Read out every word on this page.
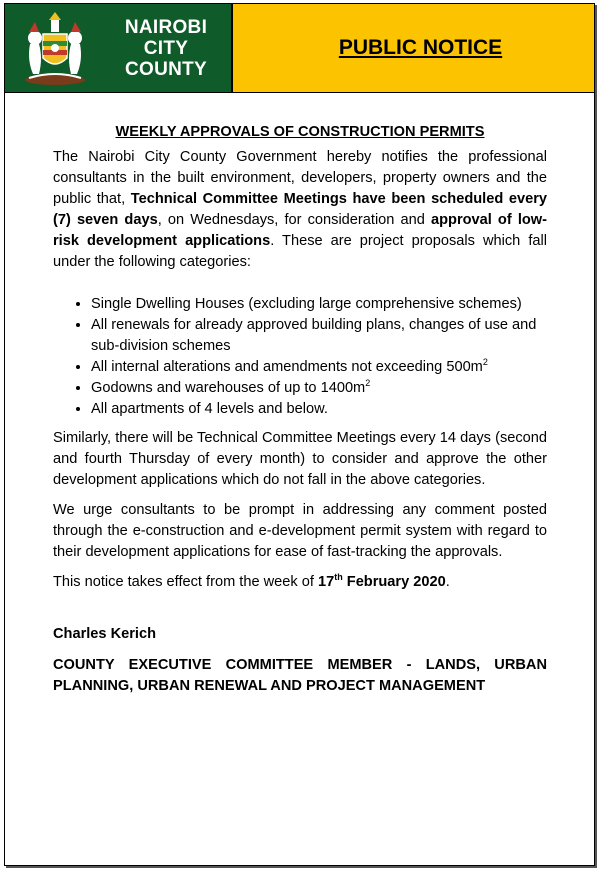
NAIROBI CITY
COUNTY
PUBLIC NOTICE
WEEKLY APPROVALS OF CONSTRUCTION PERMITS

The Nairobi City County Government hereby notifies the professional consultants in the built environment, developers, property owners and the public that, Technical Committee Meetings have been scheduled every (7) seven days, on Wednesdays, for consideration and approval of low-risk development applications. These are project proposals which fall under the following categories:

• Single Dwelling Houses (excluding large comprehensive schemes)
• All renewals for already approved building plans, changes of use and sub-division schemes
• All internal alterations and amendments not exceeding $500m^2$
• Godowns and warehouses of up to $1400m^2$
• All apartments of 4 levels and below.

Similarly, there will be Technical Committee Meetings every 14 days (second and fourth Thursday of every month) to consider and approve the other development applications which do not fall in the above categories.

We urge consultants to be prompt in addressing any comment posted through the e-construction and e-development permit system with regard to their development applications for ease of fast-tracking the approvals.

This notice takes effect from the week of 17th February 2020.

Charles Kerich

COUNTY EXECUTIVE COMMITTEE MEMBER - LANDS, URBAN PLANNING, URBAN RENEWAL AND PROJECT MANAGEMENT
